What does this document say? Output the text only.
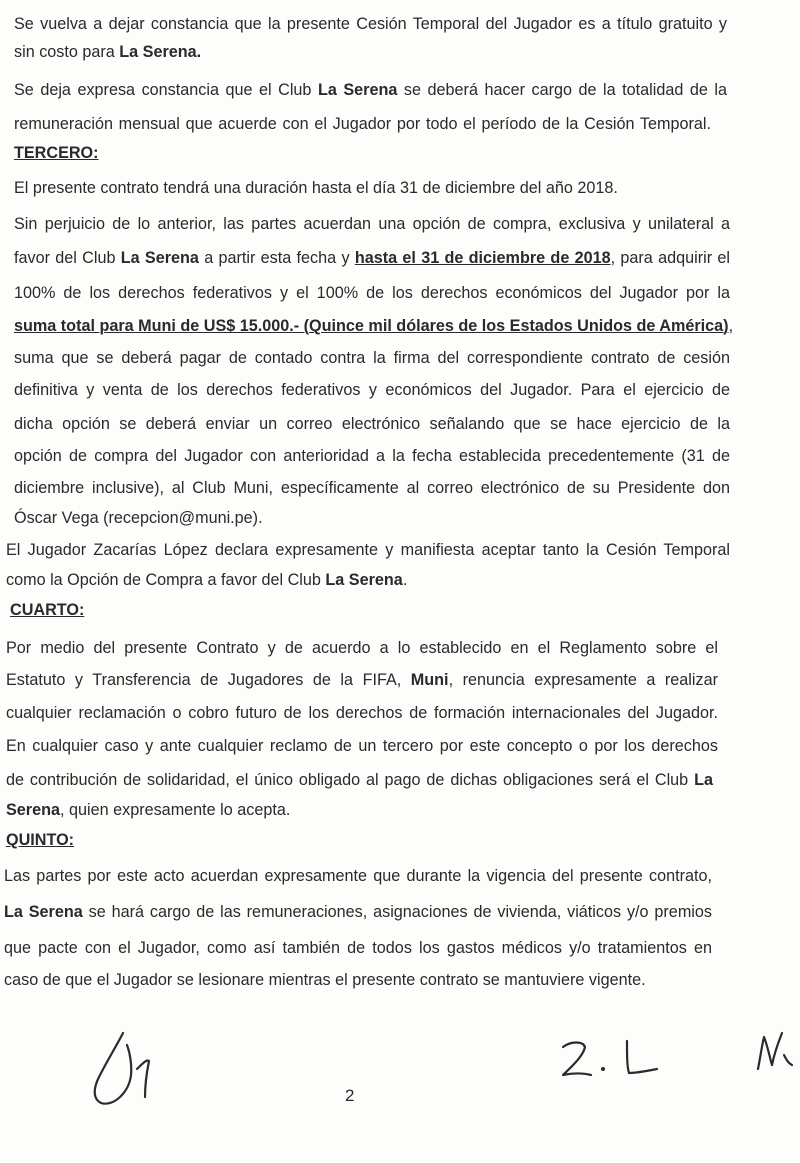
Se vuelva a dejar constancia que la presente Cesión Temporal del Jugador es a título gratuito y
sin costo para La Serena.
Se deja expresa constancia que el Club La Serena se deberá hacer cargo de la totalidad de la
remuneración mensual que acuerde con el Jugador por todo el período de la Cesión Temporal.
TERCERO:
El presente contrato tendrá una duración hasta el día 31 de diciembre del año 2018.
Sin perjuicio de lo anterior, las partes acuerdan una opción de compra, exclusiva y unilateral a
favor del Club La Serena a partir esta fecha y hasta el 31 de diciembre de 2018, para adquirir el
100% de los derechos federativos y el 100% de los derechos económicos del Jugador por la
suma total para Muni de US$ 15.000.- (Quince mil dólares de los Estados Unidos de América),
suma que se deberá pagar de contado contra la firma del correspondiente contrato de cesión
definitiva y venta de los derechos federativos y económicos del Jugador. Para el ejercicio de
dicha opción se deberá enviar un correo electrónico señalando que se hace ejercicio de la
opción de compra del Jugador con anterioridad a la fecha establecida precedentemente (31 de
diciembre inclusive), al Club Muni, específicamente al correo electrónico de su Presidente don
Óscar Vega (recepcion@muni.pe).
El Jugador Zacarías López declara expresamente y manifiesta aceptar tanto la Cesión Temporal
como la Opción de Compra a favor del Club La Serena.
CUARTO:
Por medio del presente Contrato y de acuerdo a lo establecido en el Reglamento sobre el
Estatuto y Transferencia de Jugadores de la FIFA, Muni, renuncia expresamente a realizar
cualquier reclamación o cobro futuro de los derechos de formación internacionales del Jugador.
En cualquier caso y ante cualquier reclamo de un tercero por este concepto o por los derechos
de contribución de solidaridad, el único obligado al pago de dichas obligaciones será el Club La
Serena, quien expresamente lo acepta.
QUINTO:
Las partes por este acto acuerdan expresamente que durante la vigencia del presente contrato,
La Serena se hará cargo de las remuneraciones, asignaciones de vivienda, viáticos y/o premios
que pacte con el Jugador, como así también de todos los gastos médicos y/o tratamientos en
caso de que el Jugador se lesionare mientras el presente contrato se mantuviere vigente.
2
